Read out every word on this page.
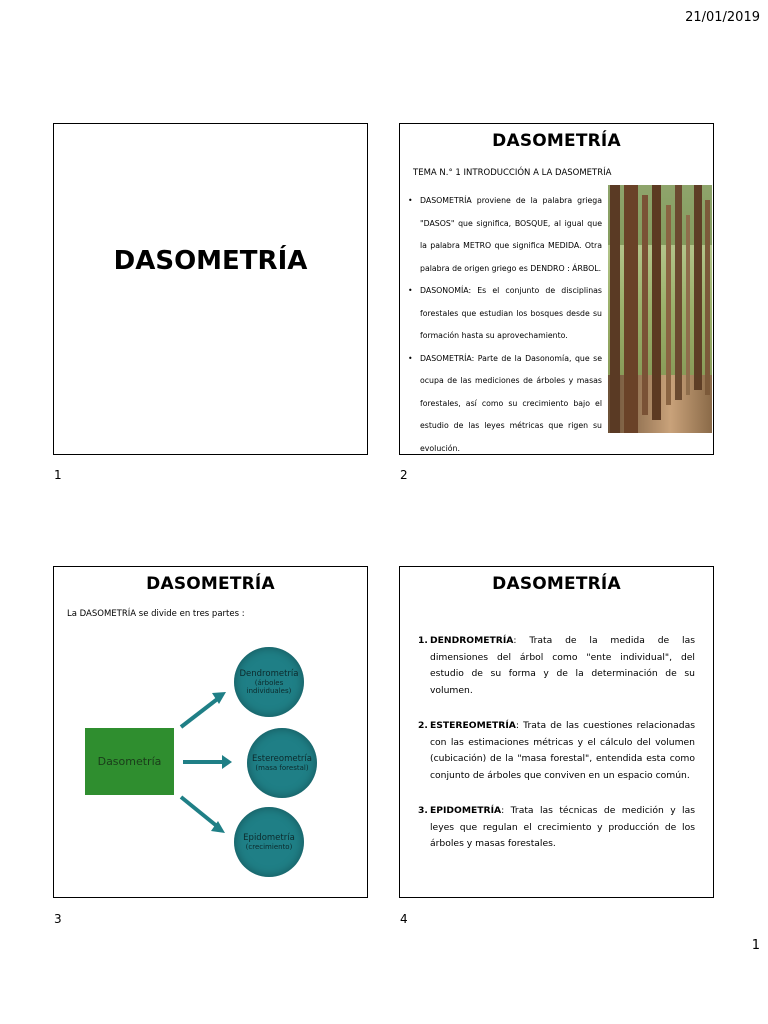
21/01/2019
DASOMETRÍA
1
DASOMETRÍA
TEMA N.° 1 INTRODUCCIÓN A LA DASOMETRÍA
• DASOMETRÍA proviene de la palabra griega "DASOS" que significa, BOSQUE, al igual que la palabra METRO que significa MEDIDA. Otra palabra de origen griego es DENDRO : ÁRBOL.
• DASONOMÍA: Es el conjunto de disciplinas forestales que estudian los bosques desde su formación hasta su aprovechamiento.
• DASOMETRÍA: Parte de la Dasonomía, que se ocupa de las mediciones de árboles y masas forestales, así como su crecimiento bajo el estudio de las leyes métricas que rigen su evolución.
2
DASOMETRÍA
La DASOMETRÍA se divide en tres partes :
Dasometría
Dendrometría
(árboles individuales)
Estereometría
(masa forestal)
Epidometría
(crecimiento)
3
DASOMETRÍA
1. DENDROMETRÍA: Trata de la medida de las dimensiones del árbol como "ente individual", del estudio de su forma y de la determinación de su volumen.
2. ESTEREOMETRÍA: Trata de las cuestiones relacionadas con las estimaciones métricas y el cálculo del volumen (cubicación) de la "masa forestal", entendida esta como conjunto de árboles que conviven en un espacio común.
3. EPIDOMETRÍA: Trata las técnicas de medición y las leyes que regulan el crecimiento y producción de los árboles y masas forestales.
4
1
